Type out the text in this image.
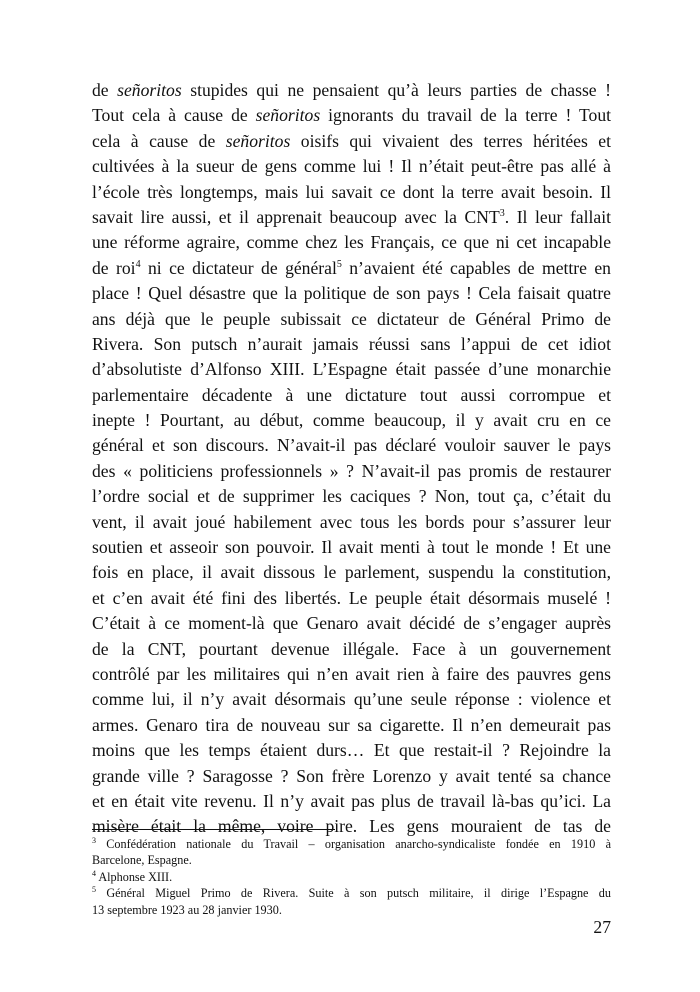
de señoritos stupides qui ne pensaient qu’à leurs parties de chasse !

Tout cela à cause de señoritos ignorants du travail de la terre ! Tout

cela à cause de señoritos oisifs qui vivaient des terres héritées et

cultivées à la sueur de gens comme lui ! Il n’était peut-être pas allé à

l’école très longtemps, mais lui savait ce dont la terre avait besoin. Il

savait lire aussi, et il apprenait beaucoup avec la CNT$^3$. Il leur fallait

une réforme agraire, comme chez les Français, ce que ni cet incapable

de roi$^4$ ni ce dictateur de général$^5$ n’avaient été capables de mettre en

place ! Quel désastre que la politique de son pays ! Cela faisait quatre

ans déjà que le peuple subissait ce dictateur de Général Primo de

Rivera. Son putsch n’aurait jamais réussi sans l’appui de cet idiot

d’absolutiste d’Alfonso XIII. L’Espagne était passée d’une monarchie

parlementaire décadente à une dictature tout aussi corrompue et

inepte ! Pourtant, au début, comme beaucoup, il y avait cru en ce

général et son discours. N’avait-il pas déclaré vouloir sauver le pays

des « politiciens professionnels » ? N’avait-il pas promis de restaurer

l’ordre social et de supprimer les caciques ? Non, tout ça, c’était du

vent, il avait joué habilement avec tous les bords pour s’assurer leur

soutien et asseoir son pouvoir. Il avait menti à tout le monde ! Et une

fois en place, il avait dissous le parlement, suspendu la constitution,

et c’en avait été fini des libertés. Le peuple était désormais muselé !

C’était à ce moment-là que Genaro avait décidé de s’engager auprès

de la CNT, pourtant devenue illégale. Face à un gouvernement

contrôlé par les militaires qui n’en avait rien à faire des pauvres gens

comme lui, il n’y avait désormais qu’une seule réponse : violence et

armes. Genaro tira de nouveau sur sa cigarette. Il n’en demeurait pas

moins que les temps étaient durs… Et que restait-il ? Rejoindre la

grande ville ? Saragosse ? Son frère Lorenzo y avait tenté sa chance

et en était vite revenu. Il n’y avait pas plus de travail là-bas qu’ici. La

misère était la même, voire pire. Les gens mouraient de tas de

$^3$ Confédération nationale du Travail – organisation anarcho-syndicaliste fondée en 1910 à
Barcelone, Espagne.
$^4$ Alphonse XIII.
$^5$ Général Miguel Primo de Rivera. Suite à son putsch militaire, il dirige l’Espagne du
13 septembre 1923 au 28 janvier 1930.
27
